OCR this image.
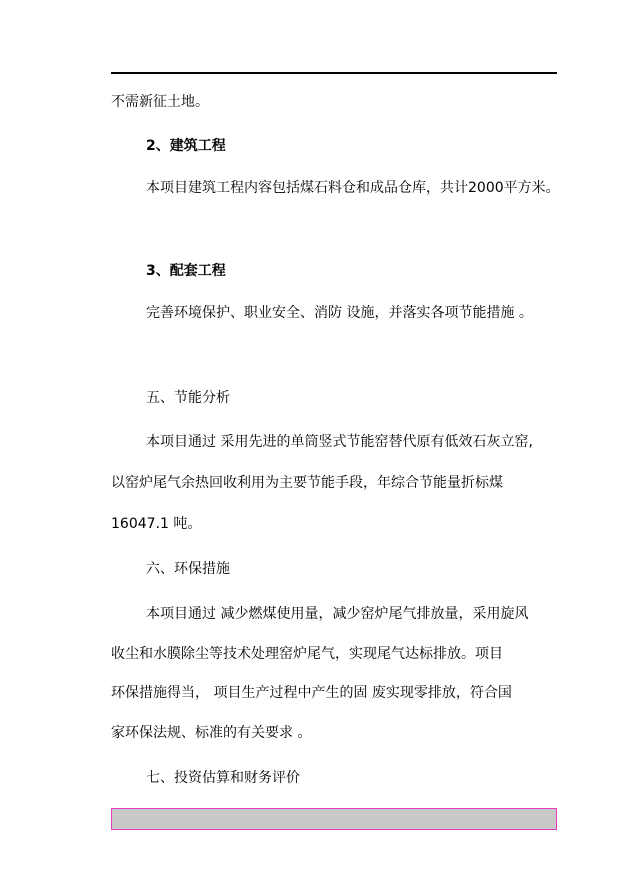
不需新征土地。
2、建筑工程
本项目建筑工程内容包括煤石料仓和成品仓库，共计2000平方米。
3、配套工程
完善环境保护、职业安全、消防 设施，并落实各项节能措施 。
五、节能分析
本项目通过 采用先进的单筒竖式节能窑替代原有低效石灰立窑,
以窑炉尾气余热回收利用为主要节能手段，年综合节能量折标煤
16047.1 吨。
六、环保措施
本项目通过 减少燃煤使用量，减少窑炉尾气排放量，采用旋风
收尘和水膜除尘等技术处理窑炉尾气，实现尾气达标排放。项目
环保措施得当， 项目生产过程中产生的固 废实现零排放，符合国
家环保法规、标准的有关要求 。
七、投资估算和财务评价
